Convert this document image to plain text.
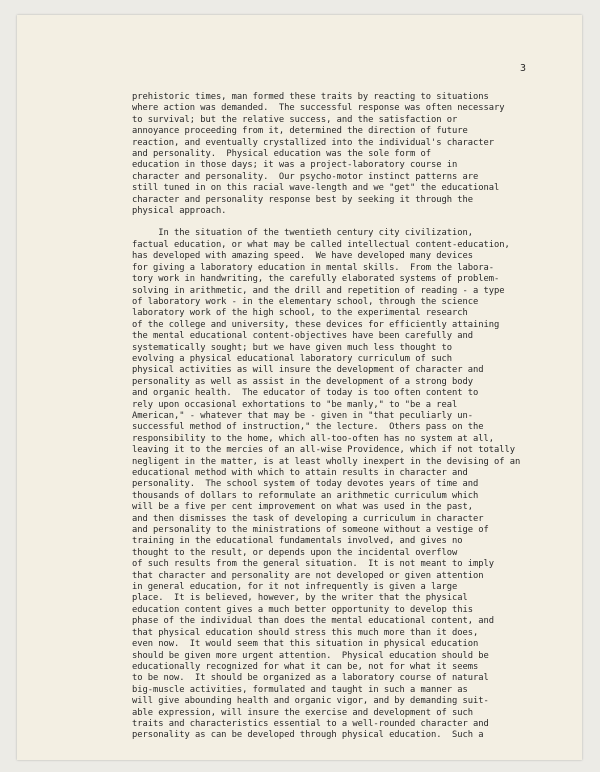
3

prehistoric times, man formed these traits by reacting to situations
where action was demanded.  The successful response was often necessary
to survival; but the relative success, and the satisfaction or
annoyance proceeding from it, determined the direction of future
reaction, and eventually crystallized into the individual's character
and personality.  Physical education was the sole form of
education in those days; it was a project-laboratory course in
character and personality.  Our psycho-motor instinct patterns are
still tuned in on this racial wave-length and we "get" the educational
character and personality response best by seeking it through the
physical approach.
In the situation of the twentieth century city civilization,
factual education, or what may be called intellectual content-education,
has developed with amazing speed.  We have developed many devices
for giving a laboratory education in mental skills.  From the labora-
tory work in handwriting, the carefully elaborated systems of problem-
solving in arithmetic, and the drill and repetition of reading - a type
of laboratory work - in the elementary school, through the science
laboratory work of the high school, to the experimental research
of the college and university, these devices for efficiently attaining
the mental educational content-objectives have been carefully and
systematically sought; but we have given much less thought to
evolving a physical educational laboratory curriculum of such
physical activities as will insure the development of character and
personality as well as assist in the development of a strong body
and organic health.  The educator of today is too often content to
rely upon occasional exhortations to "be manly," to "be a real
American," - whatever that may be - given in "that peculiarly un-
successful method of instruction," the lecture.  Others pass on the
responsibility to the home, which all-too-often has no system at all,
leaving it to the mercies of an all-wise Providence, which if not totally
negligent in the matter, is at least wholly inexpert in the devising of an
educational method with which to attain results in character and
personality.  The school system of today devotes years of time and
thousands of dollars to reformulate an arithmetic curriculum which
will be a five per cent improvement on what was used in the past,
and then dismisses the task of developing a curriculum in character
and personality to the ministrations of someone without a vestige of
training in the educational fundamentals involved, and gives no
thought to the result, or depends upon the incidental overflow
of such results from the general situation.  It is not meant to imply
that character and personality are not developed or given attention
in general education, for it not infrequently is given a large
place.  It is believed, however, by the writer that the physical
education content gives a much better opportunity to develop this
phase of the individual than does the mental educational content, and
that physical education should stress this much more than it does,
even now.  It would seem that this situation in physical education
should be given more urgent attention.  Physical education should be
educationally recognized for what it can be, not for what it seems
to be now.  It should be organized as a laboratory course of natural
big-muscle activities, formulated and taught in such a manner as
will give abounding health and organic vigor, and by demanding suit-
able expression, will insure the exercise and development of such
traits and characteristics essential to a well-rounded character and
personality as can be developed through physical education.  Such a
